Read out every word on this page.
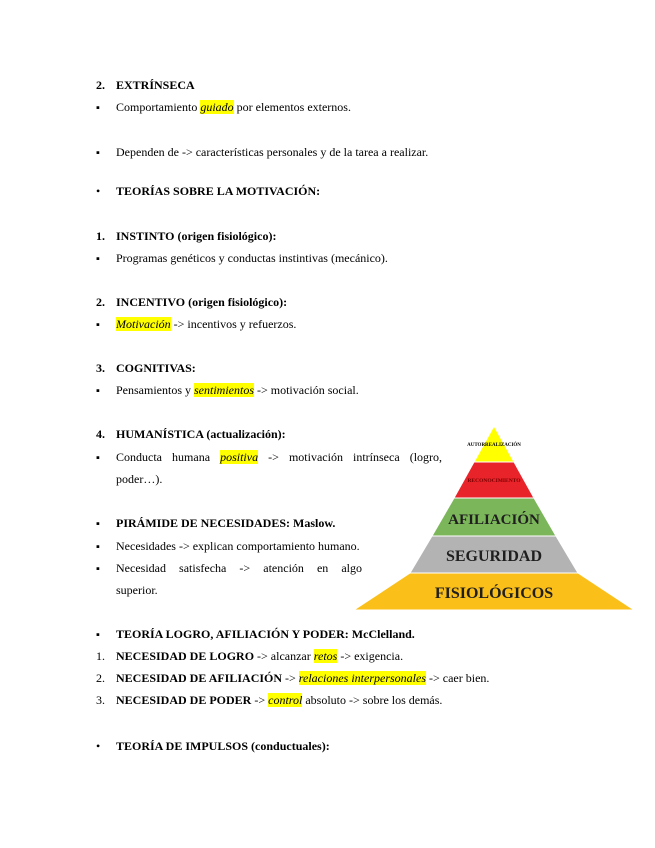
2. EXTRÍNSECA
▪
Comportamiento guiado por elementos externos.
▪
Dependen de -> características personales y de la tarea a realizar.
•
TEORÍAS SOBRE LA MOTIVACIÓN:
1. INSTINTO (origen fisiológico):
▪
Programas genéticos y conductas instintivas (mecánico).
2. INCENTIVO (origen fisiológico):
▪
Motivación -> incentivos y refuerzos.
3. COGNITIVAS:
▪
Pensamientos y sentimientos -> motivación social.
4. HUMANÍSTICA (actualización):
▪
Conducta humana positiva -> motivación intrínseca (logro,
poder…).
▪
PIRÁMIDE DE NECESIDADES: Maslow.
▪
Necesidades -> explican comportamiento humano.
▪
Necesidad satisfecha -> atención en algo
superior.
AUTORREALIZACIÓN
RECONOCIMIENTO
AFILIACIÓN
SEGURIDAD
FISIOLÓGICOS
▪
TEORÍA LOGRO, AFILIACIÓN Y PODER: McClelland.
1. NECESIDAD DE LOGRO -> alcanzar retos -> exigencia.
2. NECESIDAD DE AFILIACIÓN -> relaciones interpersonales -> caer bien.
3. NECESIDAD DE PODER -> control absoluto -> sobre los demás.
•
TEORÍA DE IMPULSOS (conductuales):
